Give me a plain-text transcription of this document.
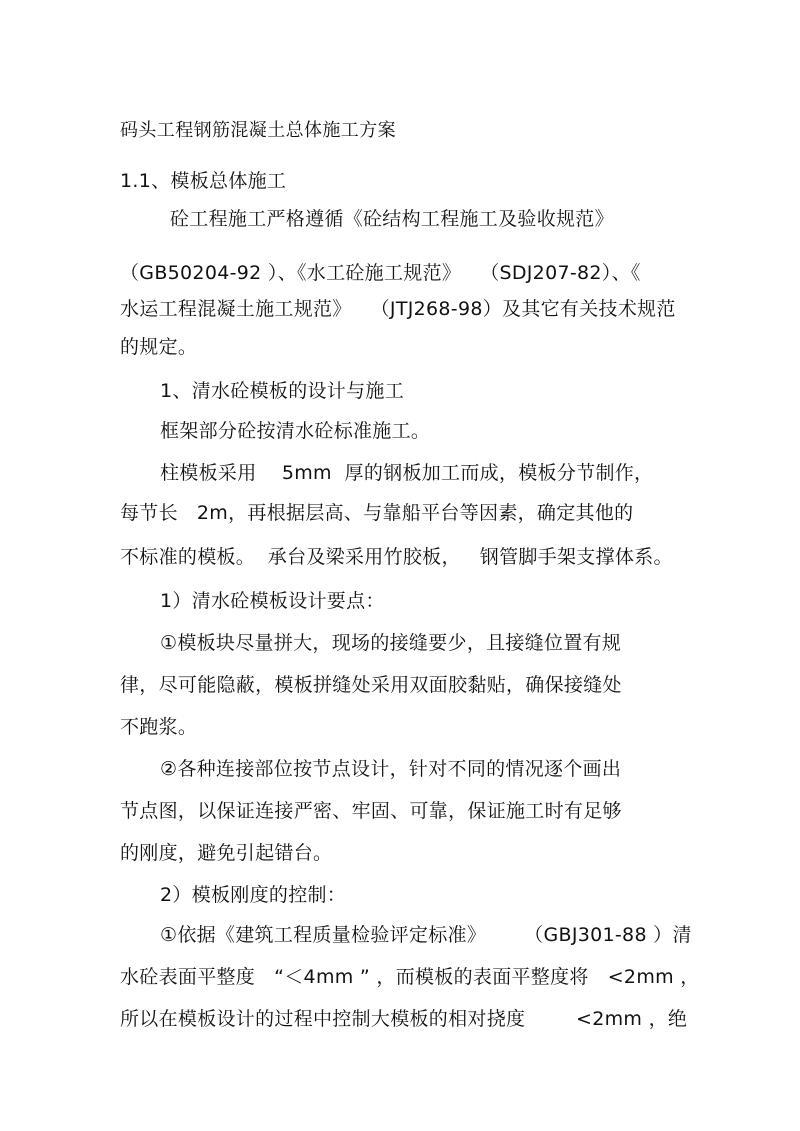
码头工程钢筋混凝土总体施工方案
1.1、模板总体施工
砼工程施工严格遵循《砼结构工程施工及验收规范》
（GB50204-92 ）、《水工砼施工规范》   （SDJ207-82）、《
水运工程混凝土施工规范》   （JTJ268-98）及其它有关技术规范
的规定。
1、清水砼模板的设计与施工
框架部分砼按清水砼标准施工。
柱模板采用    5mm  厚的钢板加工而成，模板分节制作，
每节长   2m，再根据层高、与靠船平台等因素，确定其他的
不标准的模板。  承台及梁采用竹胶板，   钢管脚手架支撑体系。
1）清水砼模板设计要点：
①模板块尽量拼大，现场的接缝要少，且接缝位置有规
律，尽可能隐蔽，模板拼缝处采用双面胶黏贴，确保接缝处
不跑浆。
②各种连接部位按节点设计，针对不同的情况逐个画出
节点图，以保证连接严密、牢固、可靠，保证施工时有足够
的刚度，避免引起错台。
2）模板刚度的控制：
①依据《建筑工程质量检验评定标准》      （GBJ301-88 ）清
水砼表面平整度   “＜4mm ” ，而模板的表面平整度将   <2mm ，
所以在模板设计的过程中控制大模板的相对挠度        <2mm ，绝
